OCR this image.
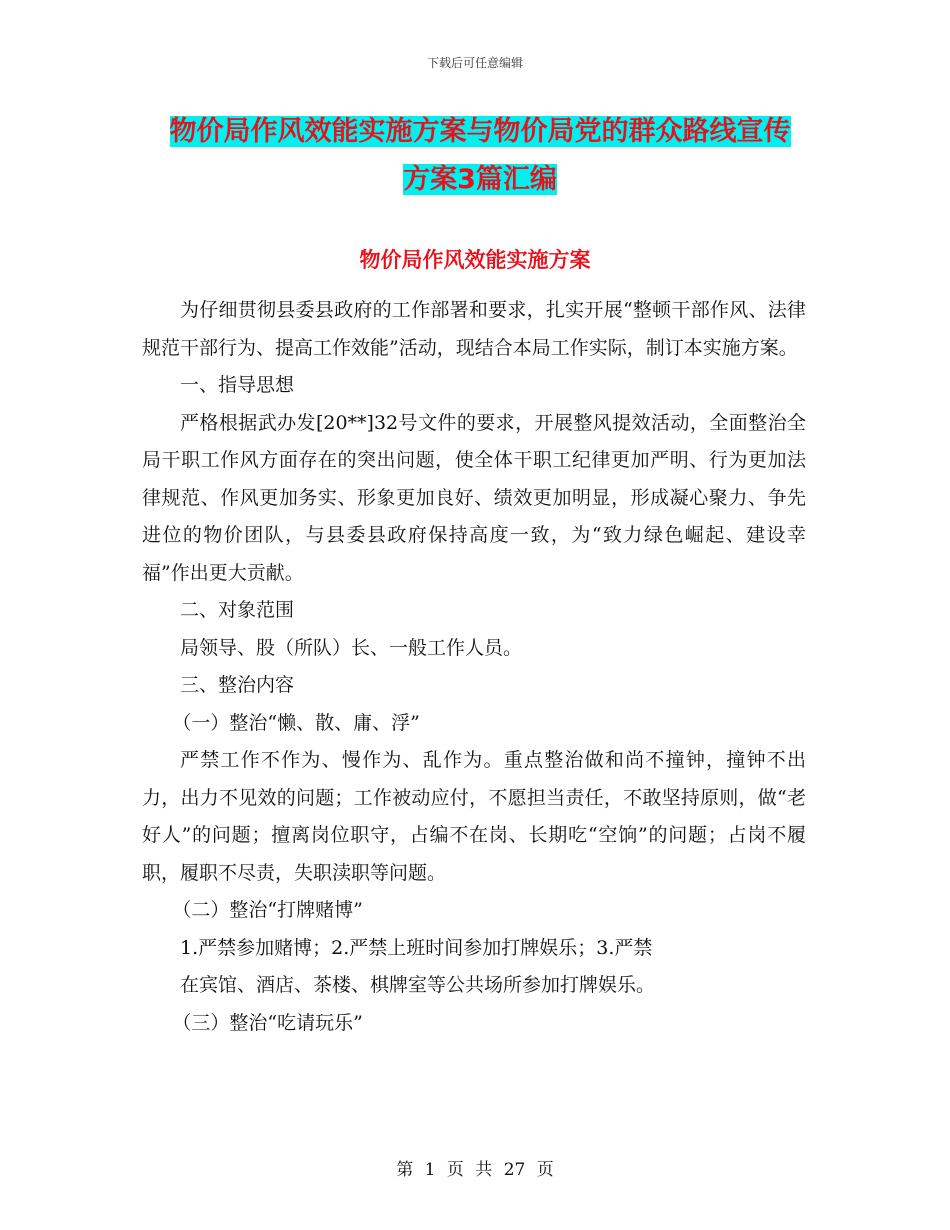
下载后可任意编辑
物价局作风效能实施方案与物价局党的群众路线宣传
方案3篇汇编
物价局作风效能实施方案

为仔细贯彻县委县政府的工作部署和要求，扎实开展“整顿干部作风、法律规范干部行为、提高工作效能”活动，现结合本局工作实际，制订本实施方案。

一、指导思想

严格根据武办发[20**]32号文件的要求，开展整风提效活动，全面整治全局干职工作风方面存在的突出问题，使全体干职工纪律更加严明、行为更加法律规范、作风更加务实、形象更加良好、绩效更加明显，形成凝心聚力、争先进位的物价团队，与县委县政府保持高度一致，为“致力绿色崛起、建设幸福”作出更大贡献。

二、对象范围

局领导、股（所队）长、一般工作人员。

三、整治内容

（一）整治“懒、散、庸、浮”

严禁工作不作为、慢作为、乱作为。重点整治做和尚不撞钟，撞钟不出力，出力不见效的问题；工作被动应付，不愿担当责任，不敢坚持原则，做“老好人”的问题；擅离岗位职守，占编不在岗、长期吃“空饷”的问题；占岗不履职，履职不尽责，失职渎职等问题。

（二）整治“打牌赌博”

1.严禁参加赌博；2.严禁上班时间参加打牌娱乐；3.严禁

在宾馆、酒店、茶楼、棋牌室等公共场所参加打牌娱乐。

（三）整治“吃请玩乐”

第 1 页 共 27 页
